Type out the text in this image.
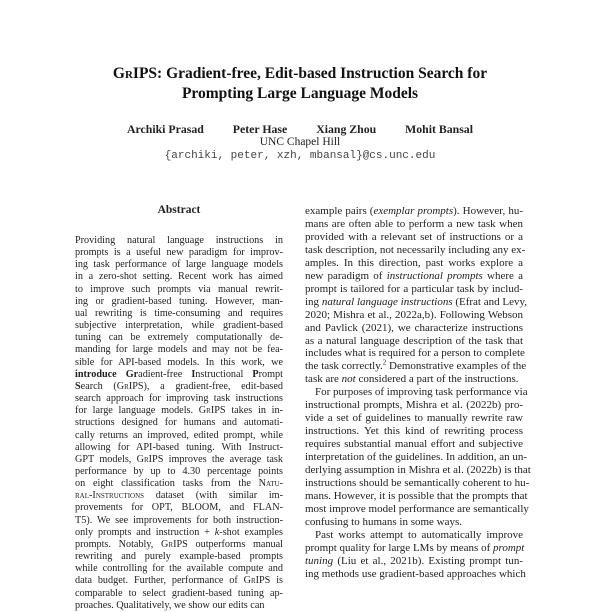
GrIPS: Gradient-free, Edit-based Instruction Search for
Prompting Large Language Models
Archiki Prasad Peter Hase Xiang Zhou Mohit Bansal
UNC Chapel Hill
{archiki, peter, xzh, mbansal}@cs.unc.edu
Abstract
Providing natural language instructions in
prompts is a useful new paradigm for improv-
ing task performance of large language models
in a zero-shot setting. Recent work has aimed
to improve such prompts via manual rewrit-
ing or gradient-based tuning. However, man-
ual rewriting is time-consuming and requires
subjective interpretation, while gradient-based
tuning can be extremely computationally de-
manding for large models and may not be fea-
sible for API-based models. In this work, we
introduce Gradient-free Instructional Prompt
Search (GrIPS), a gradient-free, edit-based
search approach for improving task instructions
for large language models. GrIPS takes in in-
structions designed for humans and automati-
cally returns an improved, edited prompt, while
allowing for API-based tuning. With Instruct-
GPT models, GrIPS improves the average task
performance by up to 4.30 percentage points
on eight classification tasks from the Natu-
ral-Instructions dataset (with similar im-
provements for OPT, BLOOM, and FLAN-
T5). We see improvements for both instruction-
only prompts and instruction + k-shot examples
prompts. Notably, GrIPS outperforms manual
rewriting and purely example-based prompts
while controlling for the available compute and
data budget. Further, performance of GrIPS is
comparable to select gradient-based tuning ap-
proaches. Qualitatively, we show our edits can
example pairs (exemplar prompts). However, hu-
mans are often able to perform a new task when
provided with a relevant set of instructions or a
task description, not necessarily including any ex-
amples. In this direction, past works explore a
new paradigm of instructional prompts where a
prompt is tailored for a particular task by includ-
ing natural language instructions (Efrat and Levy,
2020; Mishra et al., 2022a,b). Following Webson
and Pavlick (2021), we characterize instructions
as a natural language description of the task that
includes what is required for a person to complete
the task correctly.$^2$ Demonstrative examples of the
task are not considered a part of the instructions.
For purposes of improving task performance via
instructional prompts, Mishra et al. (2022b) pro-
vide a set of guidelines to manually rewrite raw
instructions. Yet this kind of rewriting process
requires substantial manual effort and subjective
interpretation of the guidelines. In addition, an un-
derlying assumption in Mishra et al. (2022b) is that
instructions should be semantically coherent to hu-
mans. However, it is possible that the prompts that
most improve model performance are semantically
confusing to humans in some ways.
Past works attempt to automatically improve
prompt quality for large LMs by means of prompt
tuning (Liu et al., 2021b). Existing prompt tun-
ing methods use gradient-based approaches which
